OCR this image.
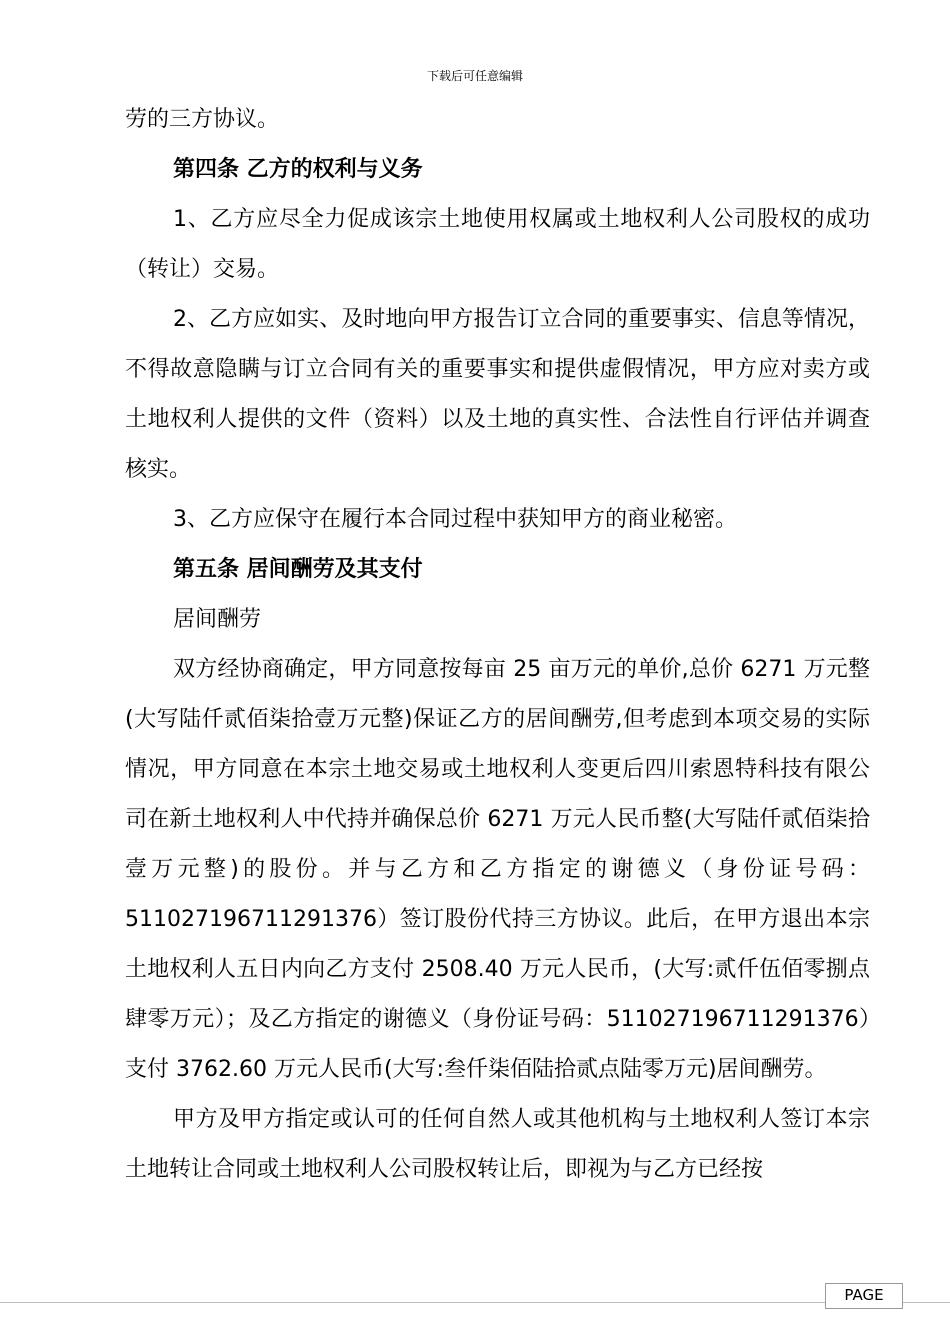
下载后可任意编辑

劳的三方协议。

第四条 乙方的权利与义务

1、乙方应尽全力促成该宗土地使用权属或土地权利人公司股权的成功（转让）交易。

2、乙方应如实、及时地向甲方报告订立合同的重要事实、信息等情况，不得故意隐瞒与订立合同有关的重要事实和提供虚假情况，甲方应对卖方或土地权利人提供的文件（资料）以及土地的真实性、合法性自行评估并调查核实。

3、乙方应保守在履行本合同过程中获知甲方的商业秘密。

第五条 居间酬劳及其支付

居间酬劳

双方经协商确定，甲方同意按每亩 25 亩万元的单价,总价 6271 万元整(大写陆仟贰佰柒拾壹万元整)保证乙方的居间酬劳,但考虑到本项交易的实际情况，甲方同意在本宗土地交易或土地权利人变更后四川索恩特科技有限公司在新土地权利人中代持并确保总价 6271 万元人民币整(大写陆仟贰佰柒拾壹万元整)的股份。并与乙方和乙方指定的谢德义（身份证号码：511027196711291376）签订股份代持三方协议。此后，在甲方退出本宗土地权利人五日内向乙方支付 2508.40 万元人民币，(大写:贰仟伍佰零捌点肆零万元）；及乙方指定的谢德义（身份证号码：511027196711291376）支付 3762.60 万元人民币(大写:叁仟柒佰陆拾贰点陆零万元)居间酬劳。

甲方及甲方指定或认可的任何自然人或其他机构与土地权利人签订本宗土地转让合同或土地权利人公司股权转让后，即视为与乙方已经按

PAGE
